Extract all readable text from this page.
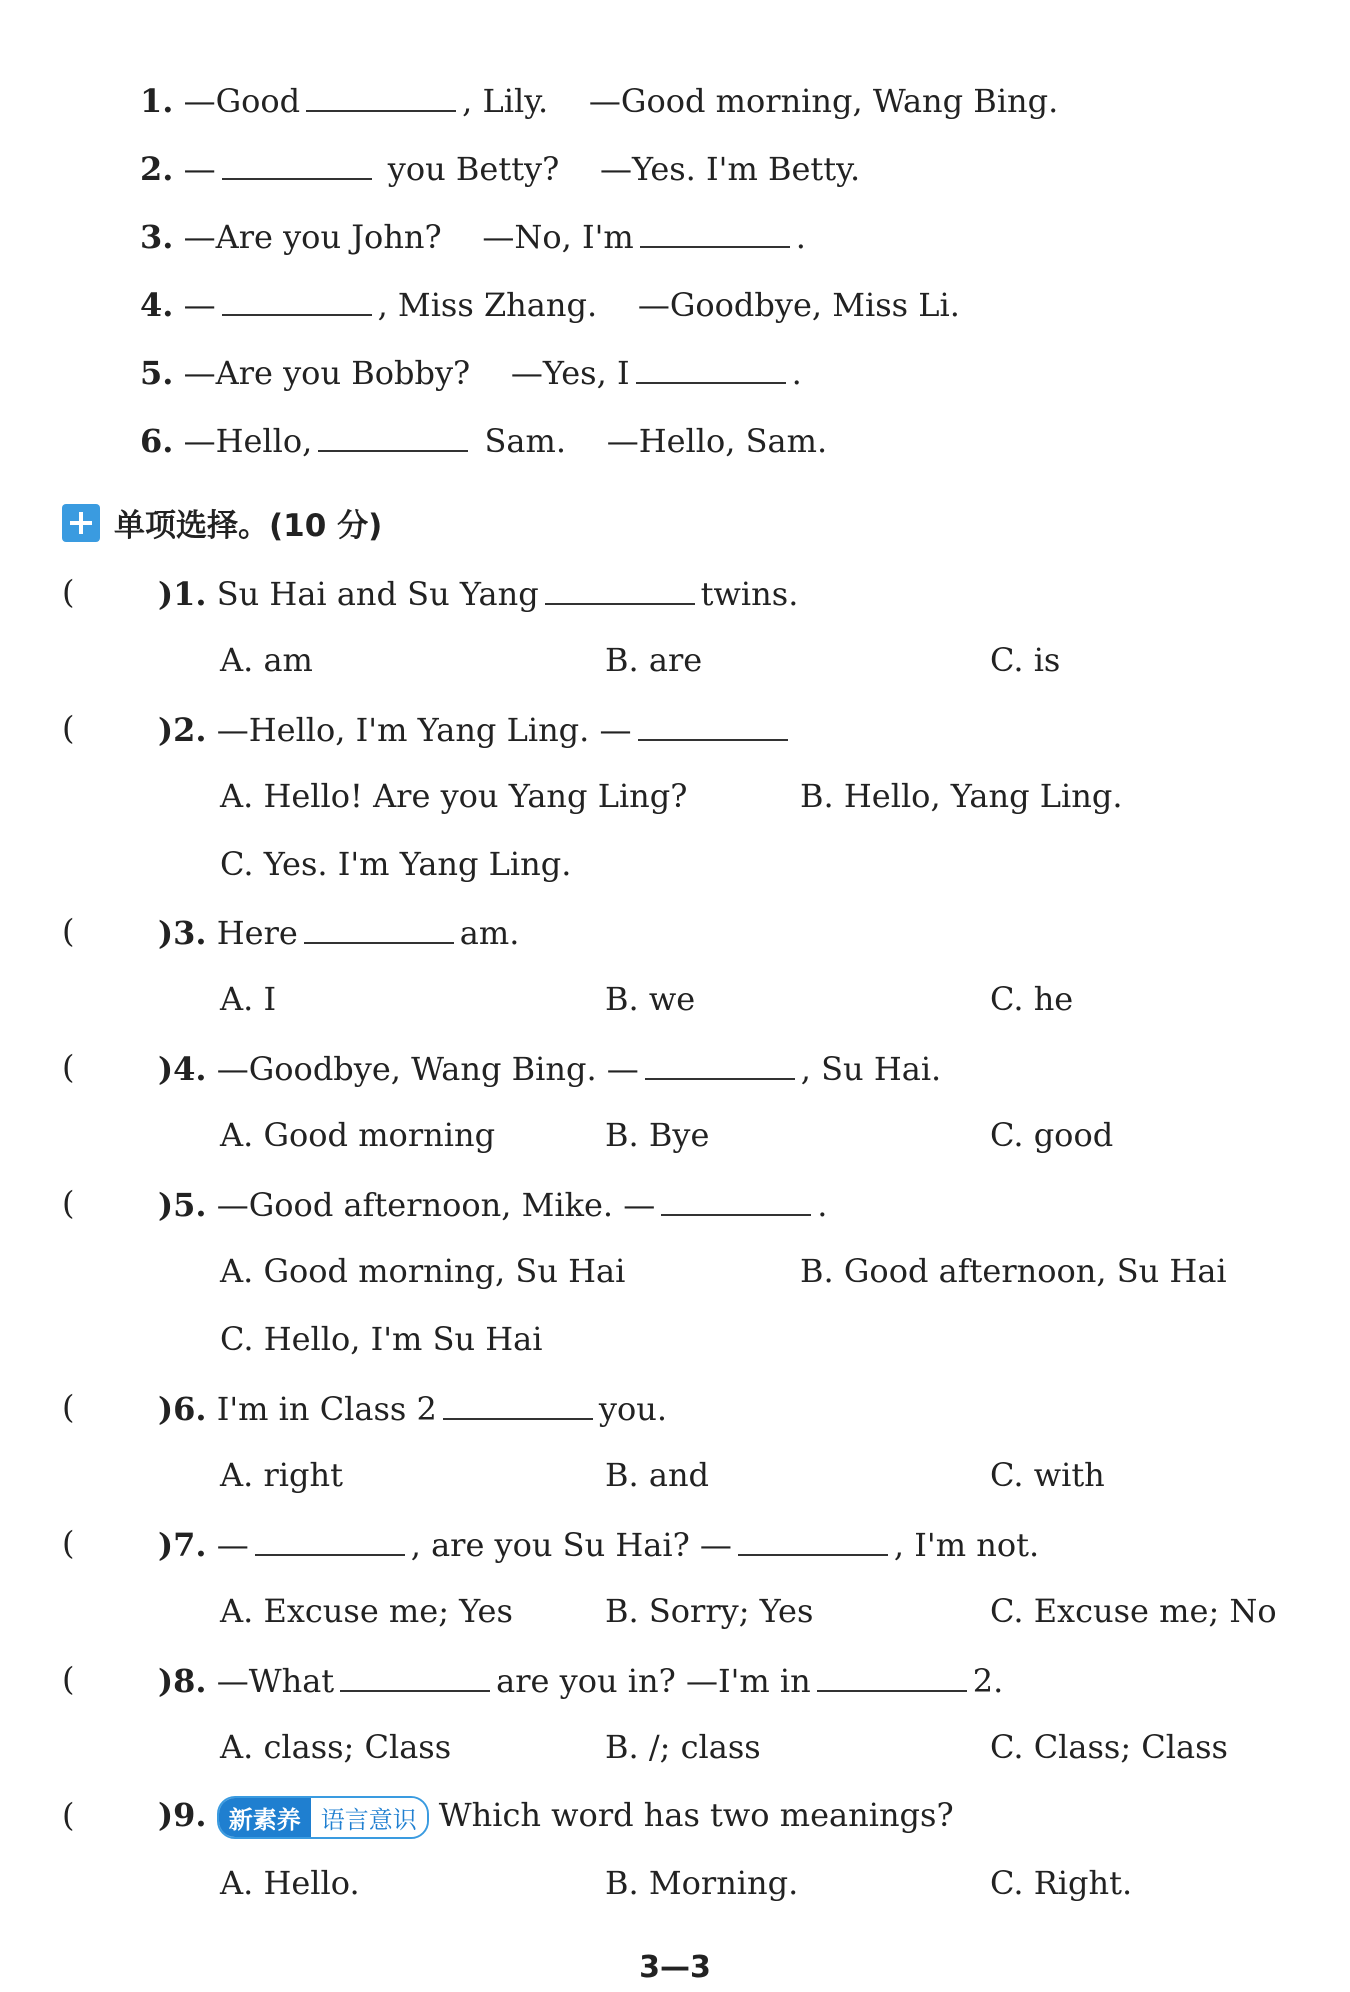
1. —Good	, Lily. —Good morning, Wang Bing.
2. —	you Betty? —Yes. I'm Betty.
3. —Are you John? —No, I'm	.
4. —	, Miss Zhang. —Goodbye, Miss Li.
5. —Are you Bobby? —Yes, I	.
6. —Hello,	Sam. —Hello, Sam.
单项选择。(10 分)
(	)1. Su Hai and Su Yang	twins.
A. am	B. are	C. is
(	)2. —Hello, I'm Yang Ling. —
A. Hello! Are you Yang Ling?	B. Hello, Yang Ling.
C. Yes. I'm Yang Ling.
(	)3. Here	am.
A. I	B. we	C. he
(	)4. —Goodbye, Wang Bing. —	, Su Hai.
A. Good morning	B. Bye	C. good
(	)5. —Good afternoon, Mike. —	.
A. Good morning, Su Hai	B. Good afternoon, Su Hai
C. Hello, I'm Su Hai
(	)6. I'm in Class 2	you.
A. right	B. and	C. with
(	)7. —	, are you Su Hai? —	, I'm not.
A. Excuse me; Yes	B. Sorry; Yes	C. Excuse me; No
(	)8. —What	are you in? —I'm in	2.
A. class; Class	B. /; class	C. Class; Class
(	)9. 新素养 语言意识 Which word has two meanings?
A. Hello.	B. Morning.	C. Right.
3—3
